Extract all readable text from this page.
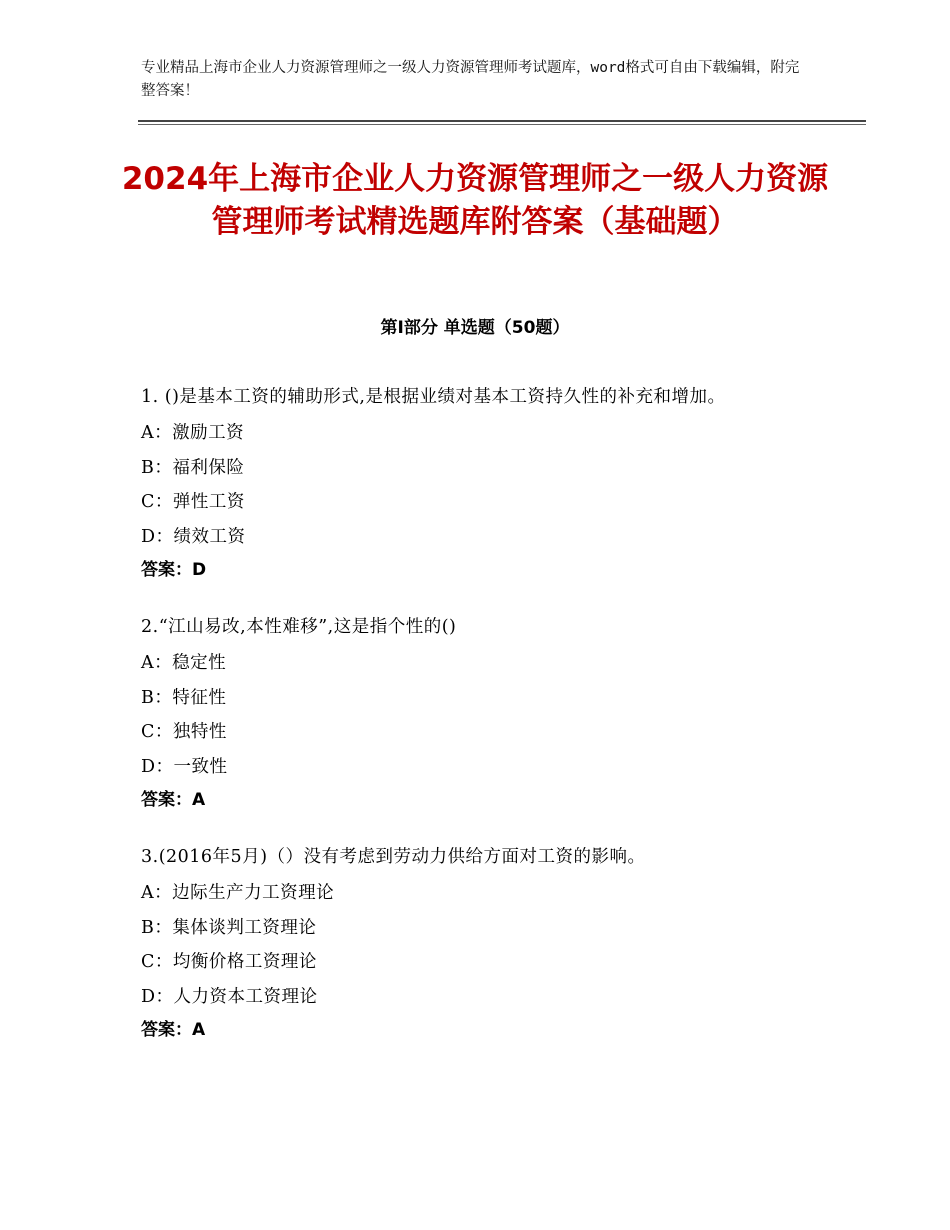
专业精品上海市企业人力资源管理师之一级人力资源管理师考试题库，word格式可自由下载编辑，附完整答案！
2024年上海市企业人力资源管理师之一级人力资源管理师考试精选题库附答案（基础题）
第Ⅰ部分 单选题（50题）
1. ()是基本工资的辅助形式,是根据业绩对基本工资持久性的补充和增加。
A：激励工资
B：福利保险
C：弹性工资
D：绩效工资
答案：D
2.“江山易改,本性难移”,这是指个性的()
A：稳定性
B：特征性
C：独特性
D：一致性
答案：A
3.(2016年5月)（）没有考虑到劳动力供给方面对工资的影响。
A：边际生产力工资理论
B：集体谈判工资理论
C：均衡价格工资理论
D：人力资本工资理论
答案：A
